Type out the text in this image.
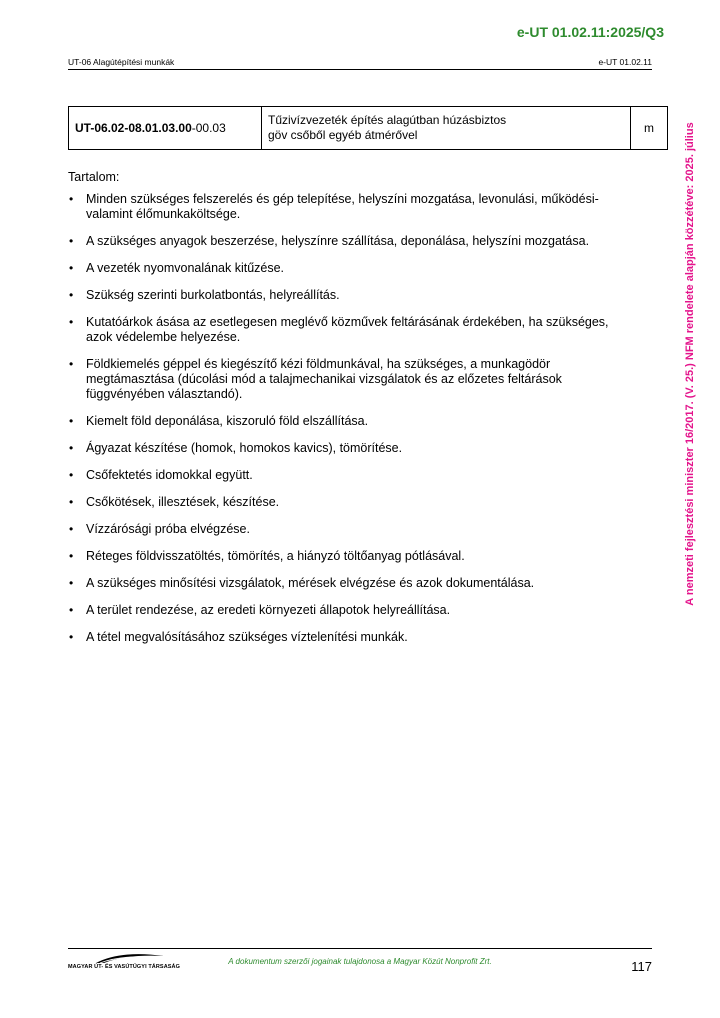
e-UT 01.02.11:2025/Q3
UT-06 Alagútépítési munkák	e-UT 01.02.11
UT-06.02-08.01.03.00-00.03	
Tűzivízvezeték építés alagútban húzásbiztos
göv csőből egyéb átmérővel	m
Tartalom:
• Minden szükséges felszerelés és gép telepítése, helyszíni mozgatása, levonulási, működési- valamint élőmunkaköltsége.
• A szükséges anyagok beszerzése, helyszínre szállítása, deponálása, helyszíni mozgatása.
• A vezeték nyomvonalának kitűzése.
• Szükség szerinti burkolatbontás, helyreállítás.
• Kutatóárkok ásása az esetlegesen meglévő közművek feltárásának érdekében, ha szükséges, azok védelembe helyezése.
• Földkiemelés géppel és kiegészítő kézi földmunkával, ha szükséges, a munkagödör megtámasztása (dúcolási mód a talajmechanikai vizsgálatok és az előzetes feltárások függvényében választandó).
• Kiemelt föld deponálása, kiszoruló föld elszállítása.
• Ágyazat készítése (homok, homokos kavics), tömörítése.
• Csőfektetés idomokkal együtt.
• Csőkötések, illesztések, készítése.
• Vízzárósági próba elvégzése.
• Réteges földvisszatöltés, tömörítés, a hiányzó töltőanyag pótlásával.
• A szükséges minősítési vizsgálatok, mérések elvégzése és azok dokumentálása.
• A terület rendezése, az eredeti környezeti állapotok helyreállítása.
• A tétel megvalósításához szükséges víztelenítési munkák.
A nemzeti fejlesztési miniszter 16/2017. (V. 25.) NFM rendelete alapján közzétéve: 2025. július
MAGYAR ÚT- ÉS VASÚTÜGYI TÁRSASÁG
A dokumentum szerzői jogainak tulajdonosa a Magyar Közút Nonprofit Zrt.	117
